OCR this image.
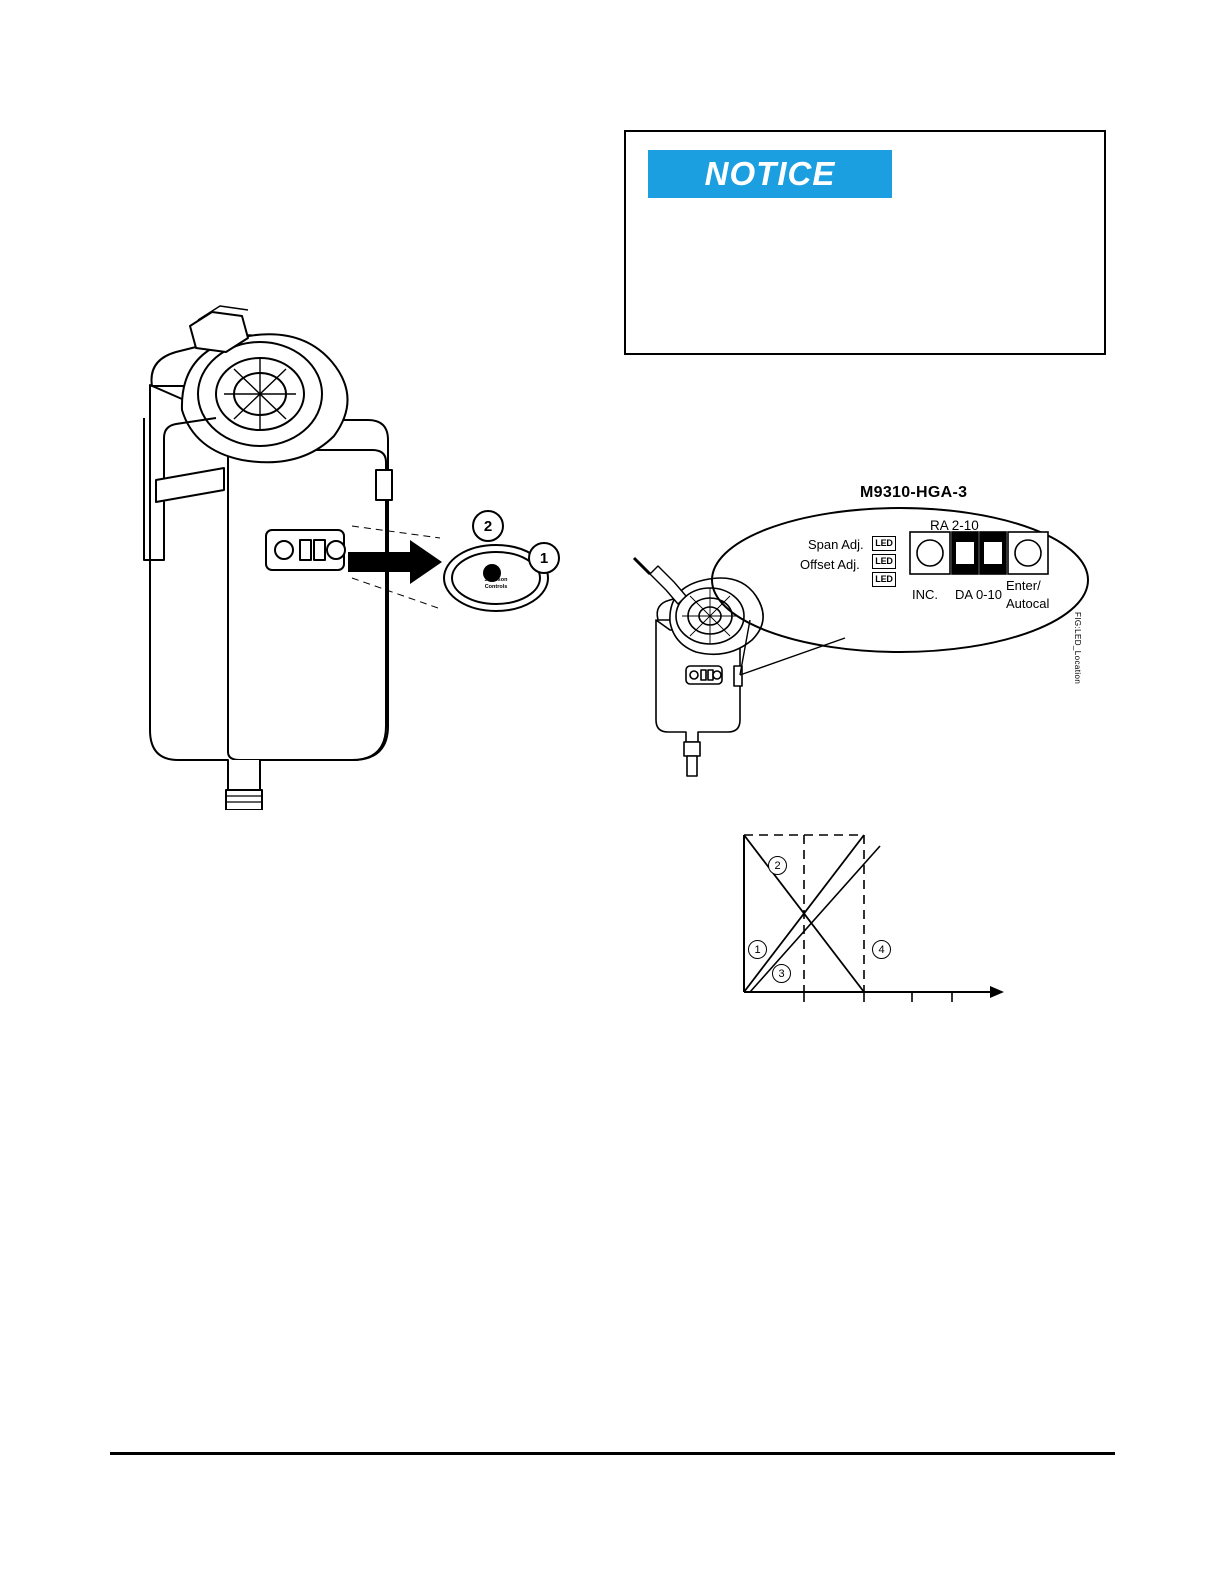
NOTICE
Johnson
Controls
1
2
M9310-HGA-3
Span Adj.
Offset Adj.
LED
LED
LED
RA 2-10
INC. DA 0-10
Enter/
Autocal
FIG:LED_Location
2
1
3
4
